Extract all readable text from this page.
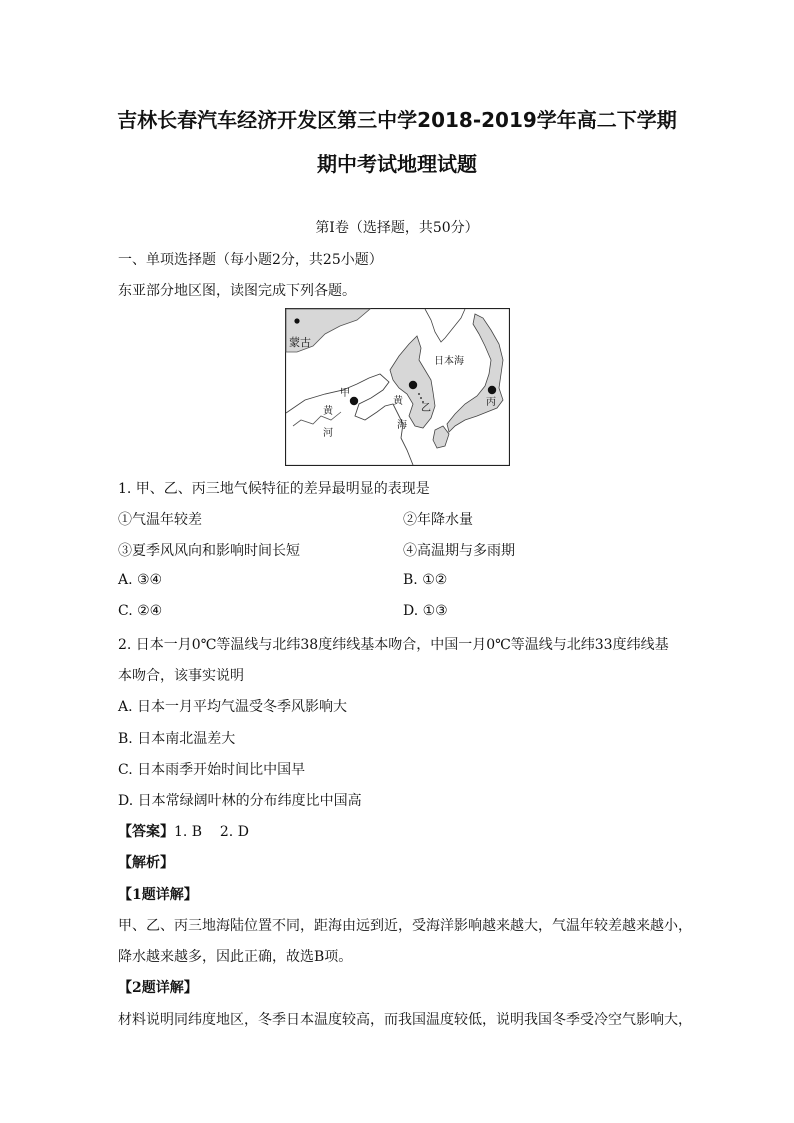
吉林长春汽车经济开发区第三中学2018-2019学年高二下学期
期中考试地理试题
第Ⅰ卷（选择题，共50分）
一、单项选择题（每小题2分，共25小题）
东亚部分地区图，读图完成下列各题。
蒙古
日本海
甲
乙
丙
黄
海
黄
河
1. 甲、乙、丙三地气候特征的差异最明显的表现是
①气温年较差	②年降水量
③夏季风风向和影响时间长短	④高温期与多雨期
A. ③④	B. ①②
C. ②④	D. ①③
2. 日本一月0℃等温线与北纬38度纬线基本吻合，中国一月0℃等温线与北纬33度纬线基
本吻合，该事实说明
A. 日本一月平均气温受冬季风影响大
B. 日本南北温差大
C. 日本雨季开始时间比中国早
D. 日本常绿阔叶林的分布纬度比中国高
【答案】1. B    2. D
【解析】
【1题详解】
甲、乙、丙三地海陆位置不同，距海由远到近，受海洋影响越来越大，气温年较差越来越小，
降水越来越多，因此正确，故选B项。
【2题详解】
材料说明同纬度地区，冬季日本温度较高，而我国温度较低，说明我国冬季受冷空气影响大，
